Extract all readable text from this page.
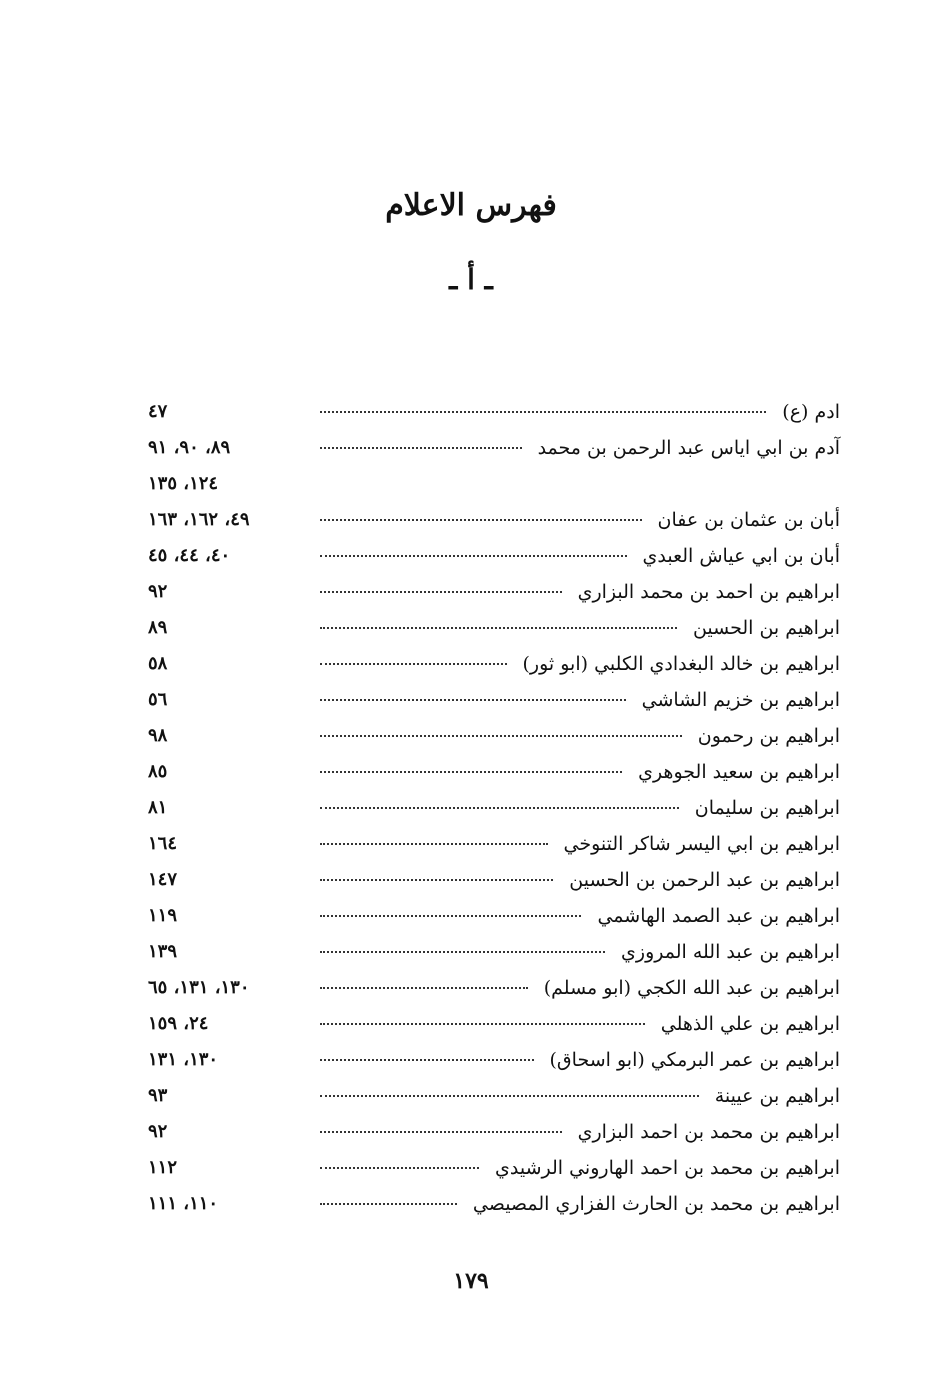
فهرس الاعلام
ـ أ ـ
ادم (ع)
٤٧
آدم بن ابي اياس عبد الرحمن بن محمد
٨٩، ٩٠، ٩١
١٢٤، ١٣٥
أبان بن عثمان بن عفان
٤٩، ١٦٢، ١٦٣
أبان بن ابي عياش العبدي
٤٠، ٤٤، ٤٥
ابراهيم بن احمد بن محمد البزاري
٩٢
ابراهيم بن الحسين
٨٩
ابراهيم بن خالد البغدادي الكلبي (ابو ثور)
٥٨
ابراهيم بن خزيم الشاشي
٥٦
ابراهيم بن رحمون
٩٨
ابراهيم بن سعيد الجوهري
٨٥
ابراهيم بن سليمان
٨١
ابراهيم بن ابي اليسر شاكر التنوخي
١٦٤
ابراهيم بن عبد الرحمن بن الحسين
١٤٧
ابراهيم بن عبد الصمد الهاشمي
١١٩
ابراهيم بن عبد الله المروزي
١٣٩
ابراهيم بن عبد الله الكجي (ابو مسلم)
١٣٠، ١٣١، ٦٥
ابراهيم بن علي الذهلي
٢٤، ١٥٩
ابراهيم بن عمر البرمكي (ابو اسحاق)
١٣٠، ١٣١
ابراهيم بن عيينة
٩٣
ابراهيم بن محمد بن احمد البزاري
٩٢
ابراهيم بن محمد بن احمد الهاروني الرشيدي
١١٢
ابراهيم بن محمد بن الحارث الفزاري المصيصي
١١٠، ١١١
١٧٩
